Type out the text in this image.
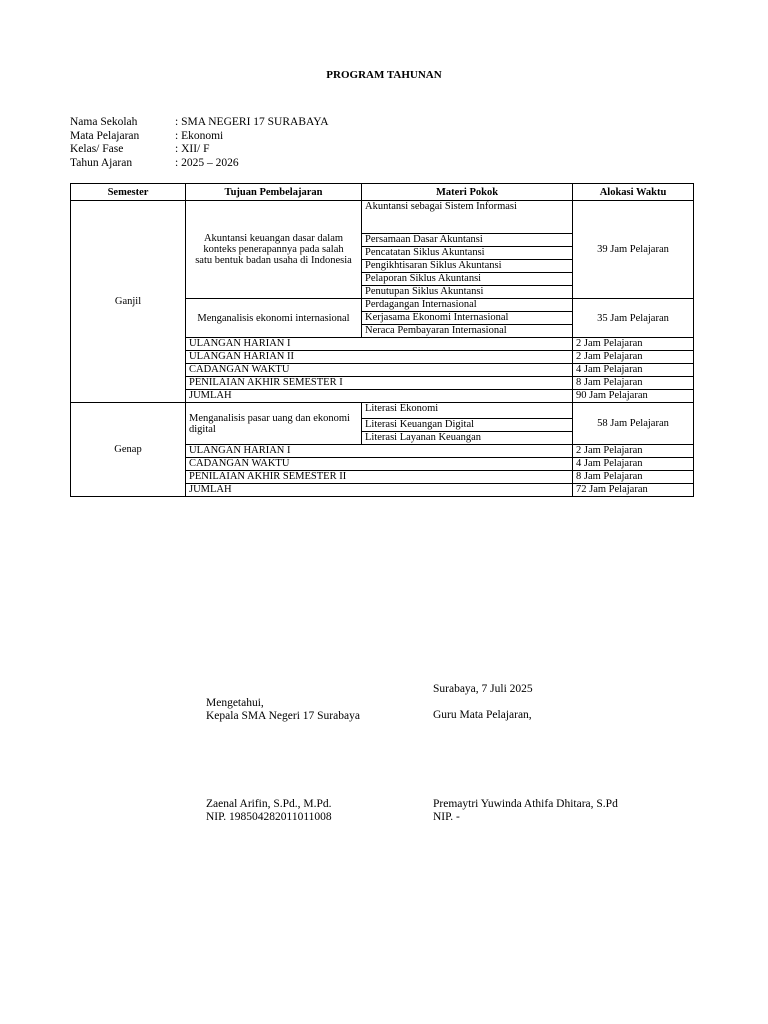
PROGRAM TAHUNAN
Nama Sekolah	: SMA NEGERI 17 SURABAYA
Mata Pelajaran	: Ekonomi
Kelas/ Fase	: XII/ F
Tahun Ajaran	: 2025 – 2026
Semester	Tujuan Pembelajaran	Materi Pokok	Alokasi Waktu
Ganjil	Akuntansi keuangan dasar dalam konteks penerapannya pada salah satu bentuk badan usaha di Indonesia	Akuntansi sebagai Sistem Informasi	39 Jam Pelajaran
		Persamaan Dasar Akuntansi	
		Pencatatan Siklus Akuntansi	
		Pengikhtisaran Siklus Akuntansi	
		Pelaporan Siklus Akuntansi	
		Penutupan Siklus Akuntansi	
	Menganalisis ekonomi internasional	Perdagangan Internasional	35 Jam Pelajaran
		Kerjasama Ekonomi Internasional	
		Neraca Pembayaran Internasional	
	ULANGAN HARIAN I		2 Jam Pelajaran
	ULANGAN HARIAN II		2 Jam Pelajaran
	CADANGAN WAKTU		4 Jam Pelajaran
	PENILAIAN AKHIR SEMESTER I		8 Jam Pelajaran
	JUMLAH		90 Jam Pelajaran
Genap	Menganalisis pasar uang dan ekonomi digital	Literasi Ekonomi	58 Jam Pelajaran
		Literasi Keuangan Digital	
		Literasi Layanan Keuangan	
	ULANGAN HARIAN I		2 Jam Pelajaran
	CADANGAN WAKTU		4 Jam Pelajaran
	PENILAIAN AKHIR SEMESTER II		8 Jam Pelajaran
	JUMLAH		72 Jam Pelajaran
Surabaya, 7 Juli 2025
Mengetahui,
Kepala SMA Negeri 17 Surabaya	Guru Mata Pelajaran,
Zaenal Arifin, S.Pd., M.Pd.
NIP. 198504282011011008
Premaytri Yuwinda Athifa Dhitara, S.Pd
NIP. -
